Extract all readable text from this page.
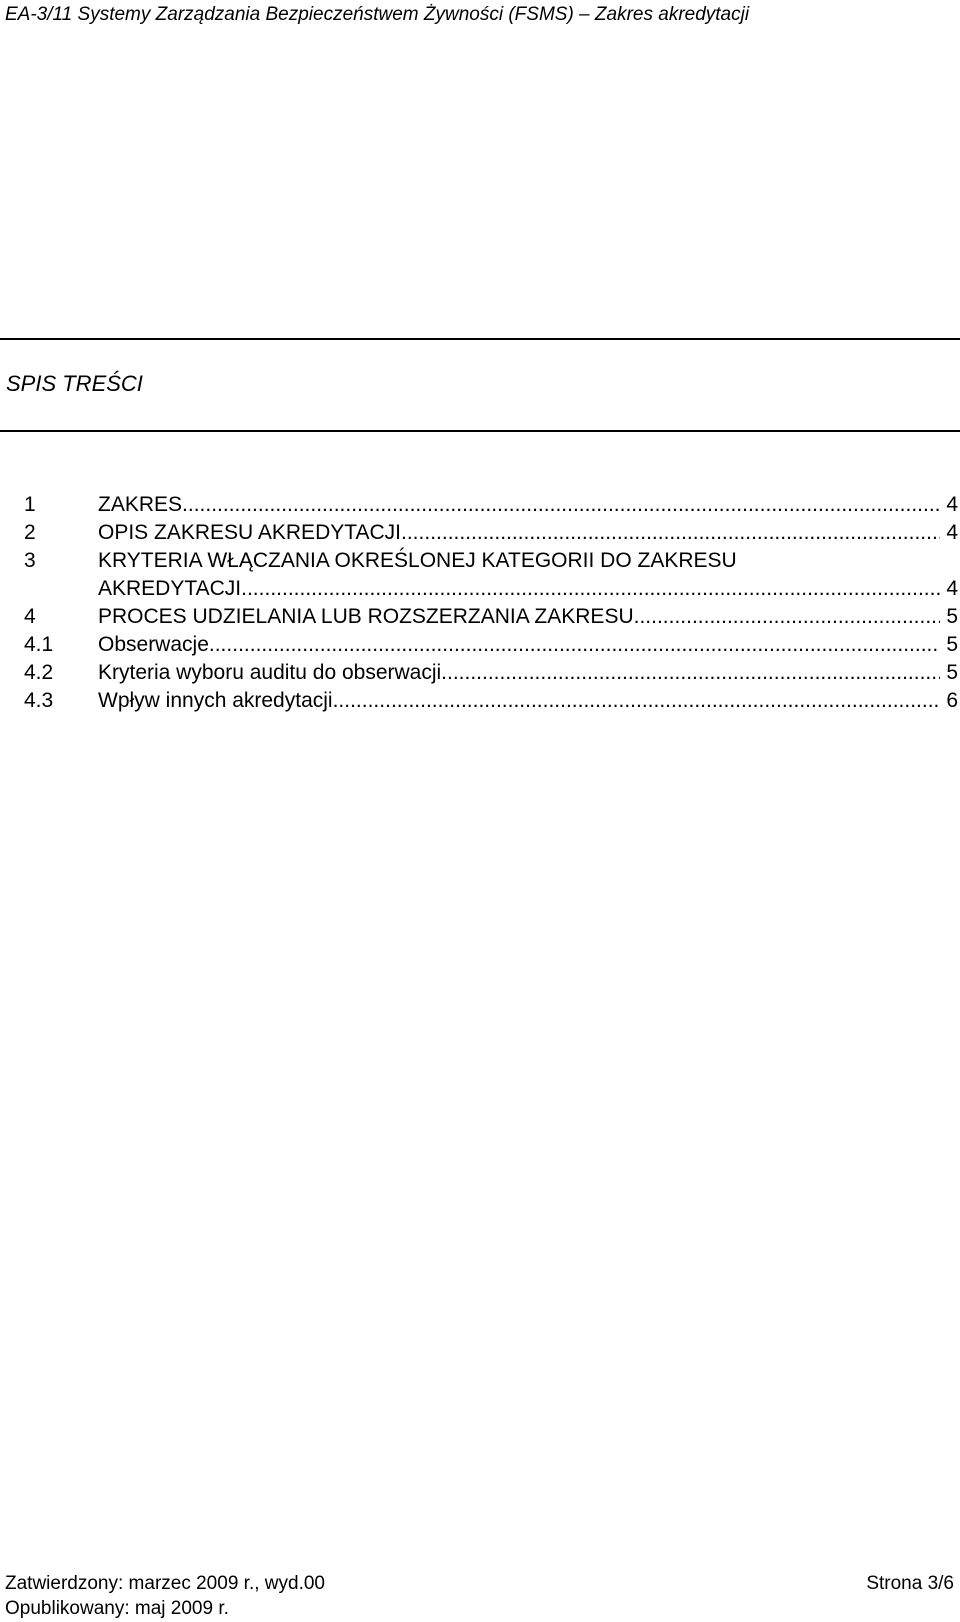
EA-3/11 Systemy Zarządzania Bezpieczeństwem Żywności (FSMS) – Zakres akredytacji
SPIS TREŚCI
1	ZAKRES .....	4
2	OPIS ZAKRESU AKREDYTACJI .....	4
3	KRYTERIA WŁĄCZANIA OKREŚLONEJ KATEGORII DO ZAKRESU
AKREDYTACJI .....	4
4	PROCES UDZIELANIA LUB ROZSZERZANIA ZAKRESU .....	5
4.1	Obserwacje .....	5
4.2	Kryteria wyboru auditu do obserwacji .....	5
4.3	Wpływ innych akredytacji .....	6
Zatwierdzony: marzec 2009 r., wyd.00
Opublikowany: maj 2009 r.
Strona 3/6
